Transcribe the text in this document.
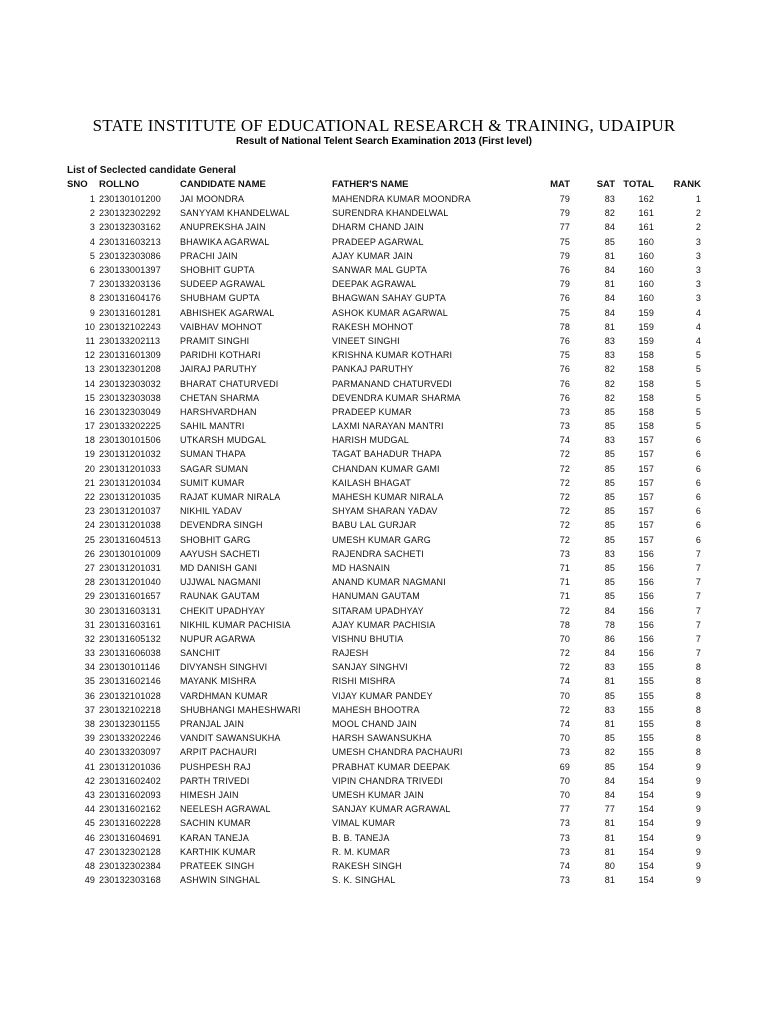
STATE INSTITUTE OF EDUCATIONAL RESEARCH & TRAINING, UDAIPUR
Result of National Telent Search Examination 2013 (First level)
List of Seclected candidate General
SNO	ROLLNO	CANDIDATE NAME	FATHER'S NAME	MAT	SAT	TOTAL	RANK
1	230130101200	JAI MOONDRA	MAHENDRA KUMAR MOONDRA	79	83	162	1
2	230132302292	SANYYAM KHANDELWAL	SURENDRA KHANDELWAL	79	82	161	2
3	230132303162	ANUPREKSHA JAIN	DHARM CHAND JAIN	77	84	161	2
4	230131603213	BHAWIKA AGARWAL	PRADEEP AGARWAL	75	85	160	3
5	230132303086	PRACHI JAIN	AJAY KUMAR JAIN	79	81	160	3
6	230133001397	SHOBHIT GUPTA	SANWAR MAL GUPTA	76	84	160	3
7	230133203136	SUDEEP AGRAWAL	DEEPAK AGRAWAL	79	81	160	3
8	230131604176	SHUBHAM GUPTA	BHAGWAN SAHAY GUPTA	76	84	160	3
9	230131601281	ABHISHEK AGARWAL	ASHOK KUMAR AGARWAL	75	84	159	4
10	230132102243	VAIBHAV MOHNOT	RAKESH MOHNOT	78	81	159	4
11	230133202113	PRAMIT SINGHI	VINEET SINGHI	76	83	159	4
12	230131601309	PARIDHI KOTHARI	KRISHNA KUMAR KOTHARI	75	83	158	5
13	230132301208	JAIRAJ PARUTHY	PANKAJ PARUTHY	76	82	158	5
14	230132303032	BHARAT CHATURVEDI	PARMANAND CHATURVEDI	76	82	158	5
15	230132303038	CHETAN SHARMA	DEVENDRA KUMAR SHARMA	76	82	158	5
16	230132303049	HARSHVARDHAN	PRADEEP KUMAR	73	85	158	5
17	230133202225	SAHIL MANTRI	LAXMI NARAYAN MANTRI	73	85	158	5
18	230130101506	UTKARSH MUDGAL	HARISH MUDGAL	74	83	157	6
19	230131201032	SUMAN THAPA	TAGAT BAHADUR THAPA	72	85	157	6
20	230131201033	SAGAR SUMAN	CHANDAN KUMAR GAMI	72	85	157	6
21	230131201034	SUMIT KUMAR	KAILASH BHAGAT	72	85	157	6
22	230131201035	RAJAT KUMAR NIRALA	MAHESH KUMAR NIRALA	72	85	157	6
23	230131201037	NIKHIL YADAV	SHYAM SHARAN YADAV	72	85	157	6
24	230131201038	DEVENDRA SINGH	BABU LAL GURJAR	72	85	157	6
25	230131604513	SHOBHIT GARG	UMESH KUMAR GARG	72	85	157	6
26	230130101009	AAYUSH SACHETI	RAJENDRA SACHETI	73	83	156	7
27	230131201031	MD DANISH GANI	MD HASNAIN	71	85	156	7
28	230131201040	UJJWAL NAGMANI	ANAND KUMAR NAGMANI	71	85	156	7
29	230131601657	RAUNAK GAUTAM	HANUMAN GAUTAM	71	85	156	7
30	230131603131	CHEKIT UPADHYAY	SITARAM UPADHYAY	72	84	156	7
31	230131603161	NIKHIL KUMAR PACHISIA	AJAY KUMAR PACHISIA	78	78	156	7
32	230131605132	NUPUR AGARWA	VISHNU BHUTIA	70	86	156	7
33	230131606038	SANCHIT	RAJESH	72	84	156	7
34	230130101146	DIVYANSH SINGHVI	SANJAY SINGHVI	72	83	155	8
35	230131602146	MAYANK MISHRA	RISHI MISHRA	74	81	155	8
36	230132101028	VARDHMAN KUMAR	VIJAY KUMAR PANDEY	70	85	155	8
37	230132102218	SHUBHANGI MAHESHWARI	MAHESH BHOOTRA	72	83	155	8
38	230132301155	PRANJAL JAIN	MOOL CHAND JAIN	74	81	155	8
39	230133202246	VANDIT SAWANSUKHA	HARSH SAWANSUKHA	70	85	155	8
40	230133203097	ARPIT PACHAURI	UMESH CHANDRA PACHAURI	73	82	155	8
41	230131201036	PUSHPESH RAJ	PRABHAT KUMAR DEEPAK	69	85	154	9
42	230131602402	PARTH TRIVEDI	VIPIN CHANDRA TRIVEDI	70	84	154	9
43	230131602093	HIMESH JAIN	UMESH KUMAR JAIN	70	84	154	9
44	230131602162	NEELESH AGRAWAL	SANJAY KUMAR AGRAWAL	77	77	154	9
45	230131602228	SACHIN KUMAR	VIMAL KUMAR	73	81	154	9
46	230131604691	KARAN TANEJA	B. B. TANEJA	73	81	154	9
47	230132302128	KARTHIK KUMAR	R. M. KUMAR	73	81	154	9
48	230132302384	PRATEEK SINGH	RAKESH SINGH	74	80	154	9
49	230132303168	ASHWIN SINGHAL	S. K. SINGHAL	73	81	154	9
